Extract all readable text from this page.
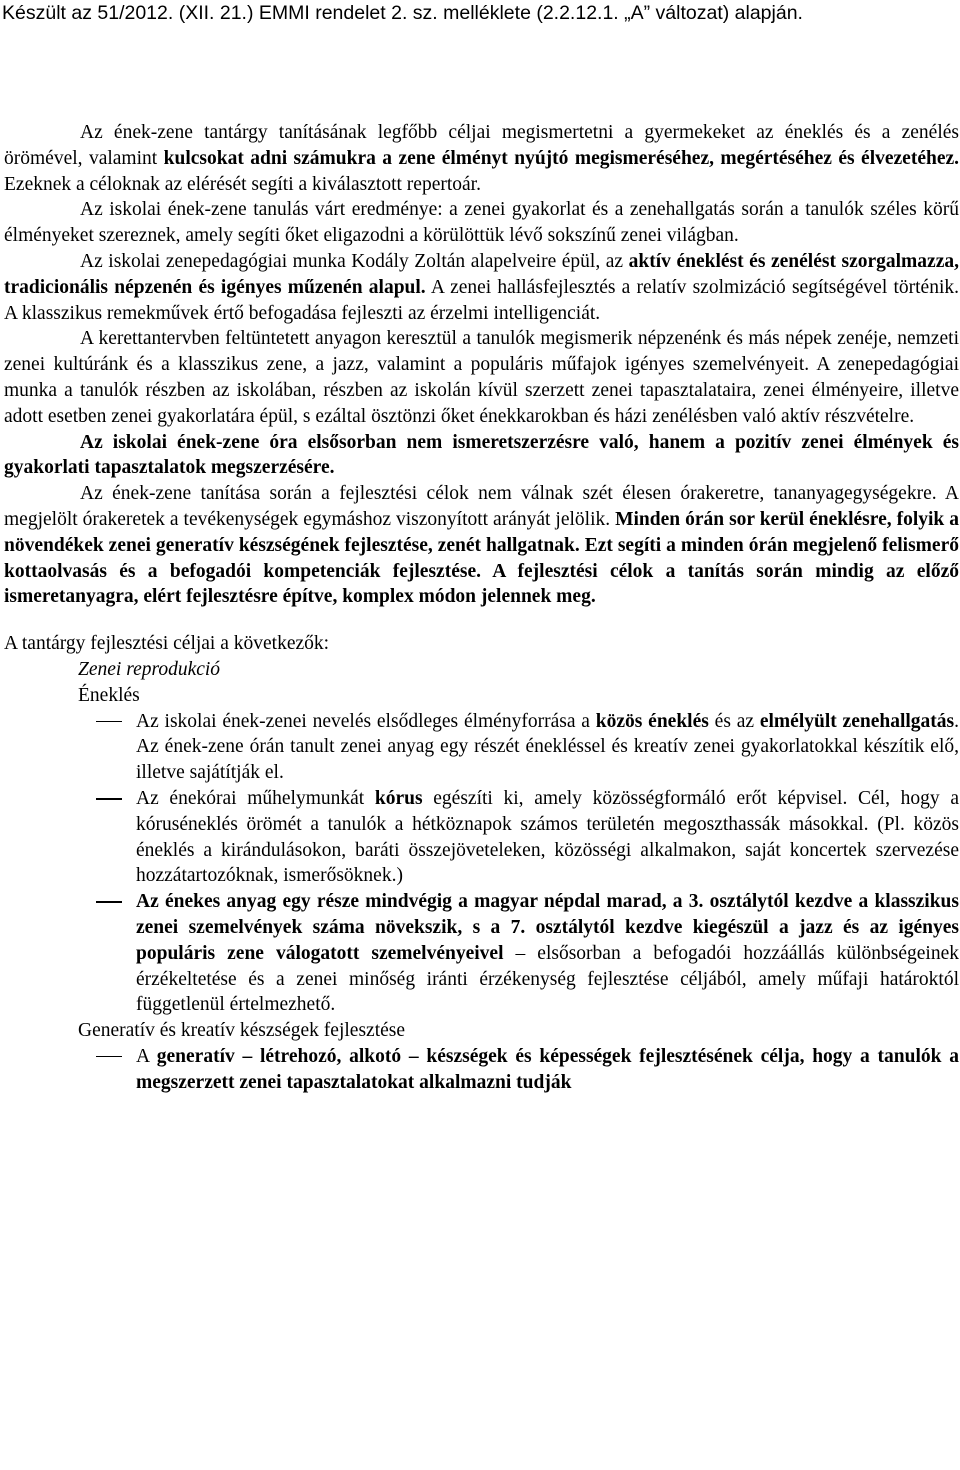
Készült az 51/2012. (XII. 21.) EMMI rendelet 2. sz. melléklete (2.2.12.1. „A” változat) alapján.

Az ének-zene tantárgy tanításának legfőbb céljai megismertetni a gyermekeket az éneklés és a zenélés örömével, valamint kulcsokat adni számukra a zene élményt nyújtó megismeréséhez, megértéséhez és élvezetéhez. Ezeknek a céloknak az elérését segíti a kiválasztott repertoár.

Az iskolai ének-zene tanulás várt eredménye: a zenei gyakorlat és a zenehallgatás során a tanulók széles körű élményeket szereznek, amely segíti őket eligazodni a körülöttük lévő sokszínű zenei világban.

Az iskolai zenepedagógiai munka Kodály Zoltán alapelveire épül, az aktív éneklést és zenélést szorgalmazza, tradicionális népzenén és igényes műzenén alapul. A zenei hallásfejlesztés a relatív szolmizáció segítségével történik. A klasszikus remekművek értő befogadása fejleszti az érzelmi intelligenciát.

A kerettantervben feltüntetett anyagon keresztül a tanulók megismerik népzenénk és más népek zenéje, nemzeti zenei kultúránk és a klasszikus zene, a jazz, valamint a populáris műfajok igényes szemelvényeit. A zenepedagógiai munka a tanulók részben az iskolában, részben az iskolán kívül szerzett zenei tapasztalataira, zenei élményeire, illetve adott esetben zenei gyakorlatára épül, s ezáltal ösztönzi őket énekkarokban és házi zenélésben való aktív részvételre.

Az iskolai ének-zene óra elsősorban nem ismeretszerzésre való, hanem a pozitív zenei élmények és gyakorlati tapasztalatok megszerzésére.

Az ének-zene tanítása során a fejlesztési célok nem válnak szét élesen órakeretre, tananyagegységekre. A megjelölt órakeretek a tevékenységek egymáshoz viszonyított arányát jelölik. Minden órán sor kerül éneklésre, folyik a növendékek zenei generatív készségének fejlesztése, zenét hallgatnak. Ezt segíti a minden órán megjelenő felismerő kottaolvasás és a befogadói kompetenciák fejlesztése. A fejlesztési célok a tanítás során mindig az előző ismeretanyagra, elért fejlesztésre építve, komplex módon jelennek meg.

A tantárgy fejlesztési céljai a következők:

Zenei reprodukció
Éneklés
Az iskolai ének-zenei nevelés elsődleges élményforrása a közös éneklés és az elmélyült zenehallgatás. Az ének-zene órán tanult zenei anyag egy részét énekléssel és kreatív zenei gyakorlatokkal készítik elő, illetve sajátítják el.
Az énekórai műhelymunkát kórus egészíti ki, amely közösségformáló erőt képvisel. Cél, hogy a kóruséneklés örömét a tanulók a hétköznapok számos területén megoszthassák másokkal. (Pl. közös éneklés a kirándulásokon, baráti összejöveteleken, közösségi alkalmakon, saját koncertek szervezése hozzátartozóknak, ismerősöknek.)
Az énekes anyag egy része mindvégig a magyar népdal marad, a 3. osztálytól kezdve a klasszikus zenei szemelvények száma növekszik, s a 7. osztálytól kezdve kiegészül a jazz és az igényes populáris zene válogatott szemelvényeivel – elsősorban a befogadói hozzáállás különbségeinek érzékeltetése és a zenei minőség iránti érzékenység fejlesztése céljából, amely műfaji határoktól függetlenül értelmezhető.
Generatív és kreatív készségek fejlesztése
A generatív – létrehozó, alkotó – készségek és képességek fejlesztésének célja, hogy a tanulók a megszerzett zenei tapasztalatokat alkalmazni tudják
